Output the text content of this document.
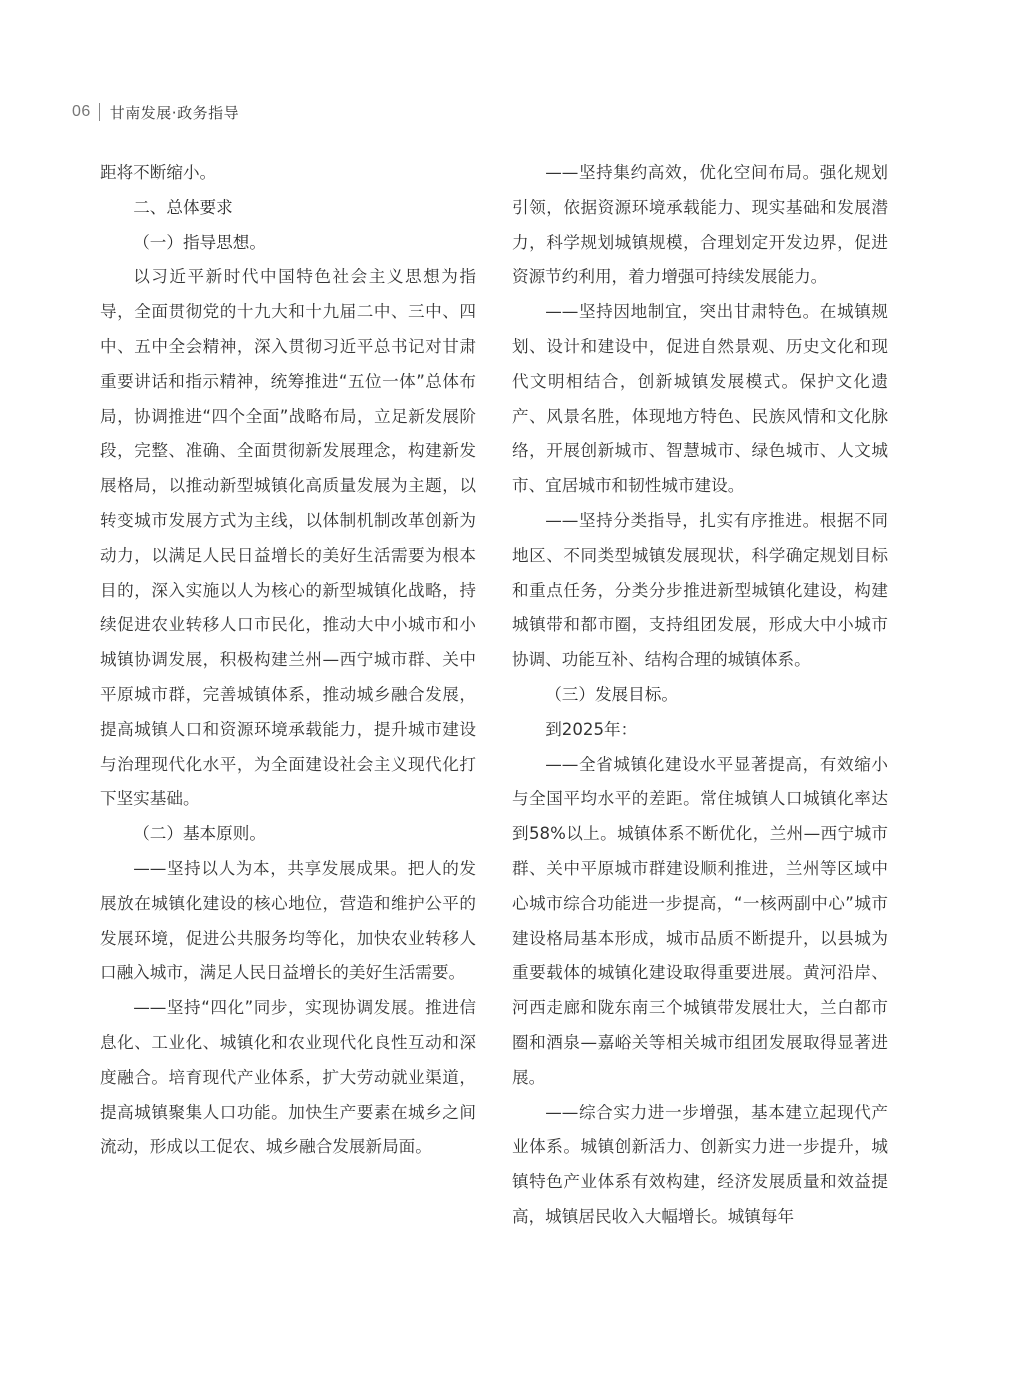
06 甘南发展·政务指导

距将不断缩小。

二、总体要求

（一）指导思想。

以习近平新时代中国特色社会主义思想为指导，全面贯彻党的十九大和十九届二中、三中、四中、五中全会精神，深入贯彻习近平总书记对甘肃重要讲话和指示精神，统筹推进“五位一体”总体布局，协调推进“四个全面”战略布局，立足新发展阶段，完整、准确、全面贯彻新发展理念，构建新发展格局，以推动新型城镇化高质量发展为主题，以转变城市发展方式为主线，以体制机制改革创新为动力，以满足人民日益增长的美好生活需要为根本目的，深入实施以人为核心的新型城镇化战略，持续促进农业转移人口市民化，推动大中小城市和小城镇协调发展，积极构建兰州—西宁城市群、关中平原城市群，完善城镇体系，推动城乡融合发展，提高城镇人口和资源环境承载能力，提升城市建设与治理现代化水平，为全面建设社会主义现代化打下坚实基础。

（二）基本原则。

——坚持以人为本，共享发展成果。把人的发展放在城镇化建设的核心地位，营造和维护公平的发展环境，促进公共服务均等化，加快农业转移人口融入城市，满足人民日益增长的美好生活需要。

——坚持“四化”同步，实现协调发展。推进信息化、工业化、城镇化和农业现代化良性互动和深度融合。培育现代产业体系，扩大劳动就业渠道，提高城镇聚集人口功能。加快生产要素在城乡之间流动，形成以工促农、城乡融合发展新局面。

——坚持集约高效，优化空间布局。强化规划引领，依据资源环境承载能力、现实基础和发展潜力，科学规划城镇规模，合理划定开发边界，促进资源节约利用，着力增强可持续发展能力。

——坚持因地制宜，突出甘肃特色。在城镇规划、设计和建设中，促进自然景观、历史文化和现代文明相结合，创新城镇发展模式。保护文化遗产、风景名胜，体现地方特色、民族风情和文化脉络，开展创新城市、智慧城市、绿色城市、人文城市、宜居城市和韧性城市建设。

——坚持分类指导，扎实有序推进。根据不同地区、不同类型城镇发展现状，科学确定规划目标和重点任务，分类分步推进新型城镇化建设，构建城镇带和都市圈，支持组团发展，形成大中小城市协调、功能互补、结构合理的城镇体系。

（三）发展目标。

到2025年：

——全省城镇化建设水平显著提高，有效缩小与全国平均水平的差距。常住城镇人口城镇化率达到58%以上。城镇体系不断优化，兰州—西宁城市群、关中平原城市群建设顺利推进，兰州等区域中心城市综合功能进一步提高，“一核两副中心”城市建设格局基本形成，城市品质不断提升，以县城为重要载体的城镇化建设取得重要进展。黄河沿岸、河西走廊和陇东南三个城镇带发展壮大，兰白都市圈和酒泉—嘉峪关等相关城市组团发展取得显著进展。

——综合实力进一步增强，基本建立起现代产业体系。城镇创新活力、创新实力进一步提升，城镇特色产业体系有效构建，经济发展质量和效益提高，城镇居民收入大幅增长。城镇每年
